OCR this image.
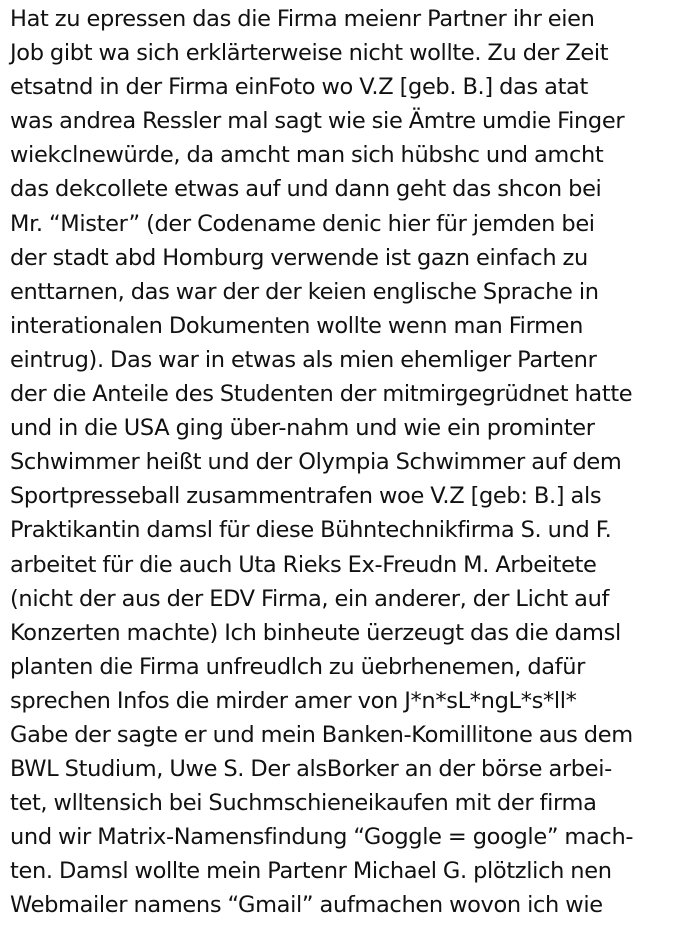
Hat zu epressen das die Firma meienr Partner ihr eien
Job gibt wa sich erklärterweise nicht wollte. Zu der Zeit
etsatnd in der Firma einFoto wo V.Z [geb. B.] das atat
was andrea Ressler mal sagt wie sie Ämtre umdie Finger
wiekclnewürde, da amcht man sich hübshc und amcht
das dekcollete etwas auf und dann geht das shcon bei
Mr. “Mister” (der Codename denic hier für jemden bei
der stadt abd Homburg verwende ist gazn einfach zu
enttarnen, das war der der keien englische Sprache in
interationalen Dokumenten wollte wenn man Firmen
eintrug). Das war in etwas als mien ehemliger Partenr
der die Anteile des Studenten der mitmirgegrüdnet hatte
und in die USA ging über-nahm und wie ein prominter
Schwimmer heißt und der Olympia Schwimmer auf dem
Sportpresseball zusammentrafen woe V.Z [geb: B.] als
Praktikantin damsl für diese Bühntechnikfirma S. und F.
arbeitet für die auch Uta Rieks Ex-Freudn M. Arbeitete
(nicht der aus der EDV Firma, ein anderer, der Licht auf
Konzerten machte) Ich binheute üerzeugt das die damsl
planten die Firma unfreudlch zu üebrhenemen, dafür
sprechen Infos die mirder amer von J*n*sL*ngL*s*ll*
Gabe der sagte er und mein Banken-Komillitone aus dem
BWL Studium, Uwe S. Der alsBorker an der börse arbei-
tet, wlltensich bei Suchmschieneikaufen mit der firma
und wir Matrix-Namensfindung “Goggle = google” mach-
ten. Damsl wollte mein Partenr Michael G. plötzlich nen
Webmailer namens “Gmail” aufmachen wovon ich wie
